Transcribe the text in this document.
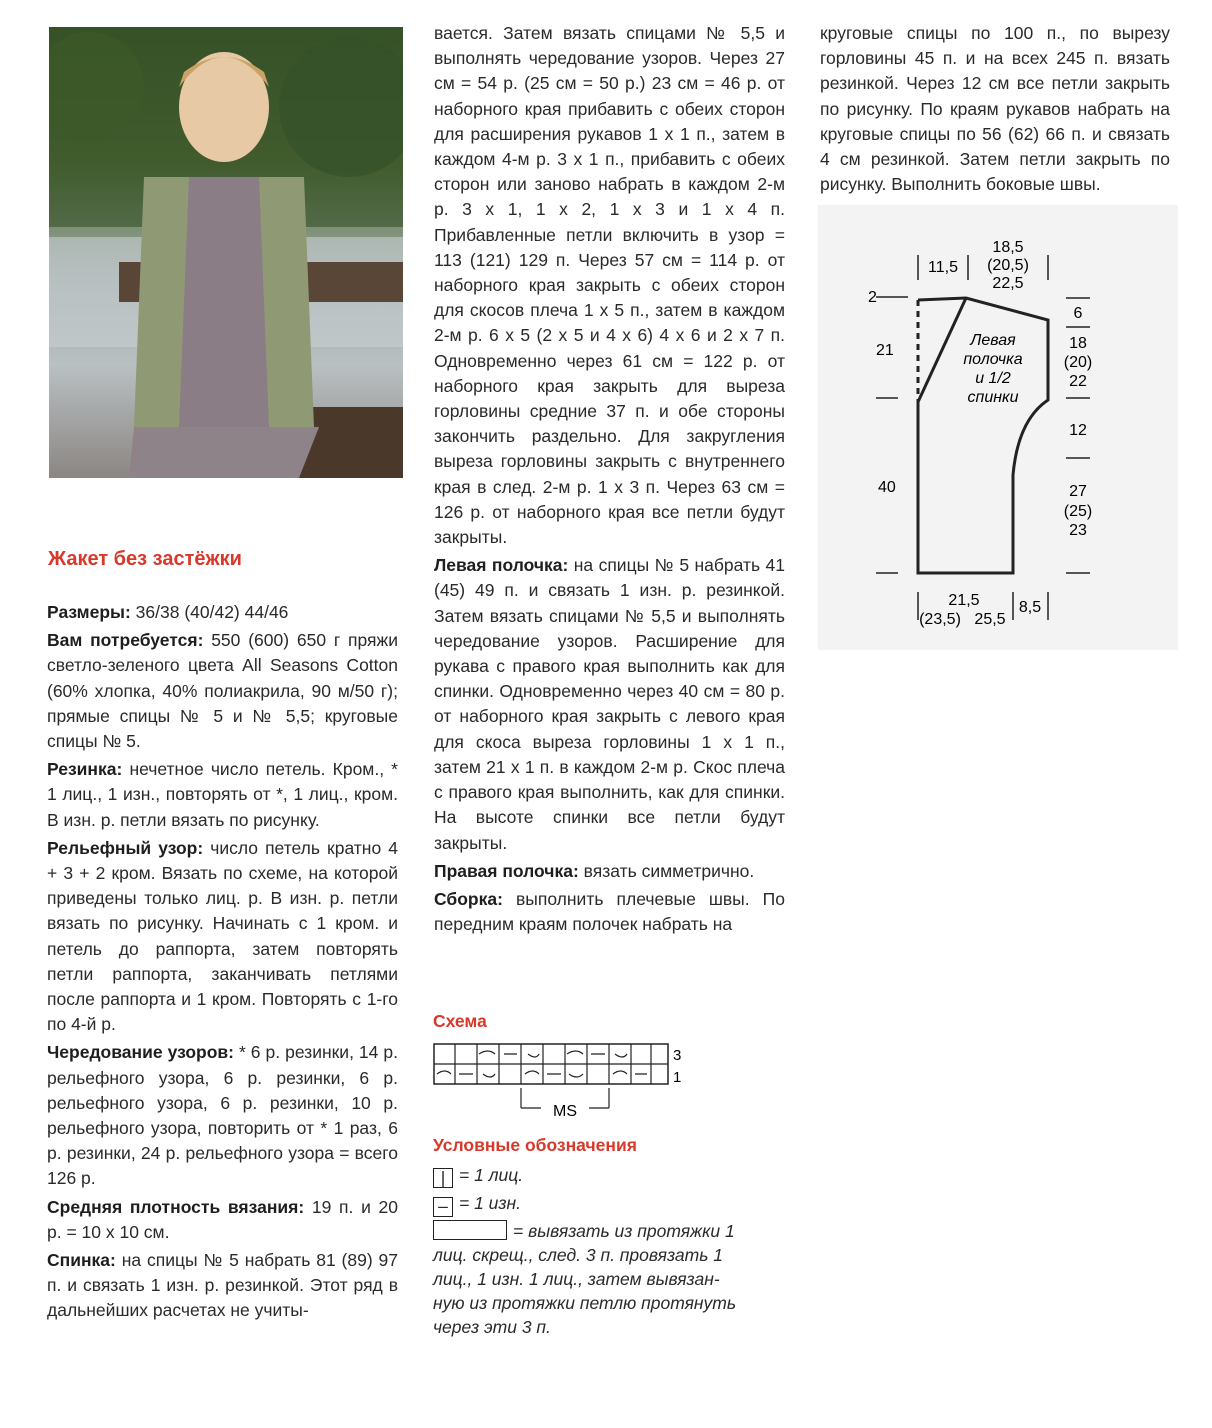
Жакет без застёжки

Размеры: 36/38 (40/42) 44/46

Вам потребуется: 550 (600) 650 г пряжи светло-зеленого цвета All Seasons Cotton (60% хлопка, 40% полиакрила, 90 м/50 г); прямые спицы № 5 и № 5,5; круговые спицы № 5.

Резинка: нечетное число петель. Кром., * 1 лиц., 1 изн., повторять от *, 1 лиц., кром. В изн. р. петли вязать по рисунку.

Рельефный узор: число петель кратно 4 + 3 + 2 кром. Вязать по схеме, на которой приведены только лиц. р. В изн. р. петли вязать по рисунку. Начинать с 1 кром. и петель до раппорта, затем повторять петли раппорта, заканчивать петлями после раппорта и 1 кром. Повторять с 1-го по 4-й р.

Чередование узоров: * 6 р. резинки, 14 р. рельефного узора, 6 р. резинки, 6 р. рельефного узора, 6 р. резинки, 10 р. рельефного узора, повторить от * 1 раз, 6 р. резинки, 24 р. рельефного узора = всего 126 р.

Средняя плотность вязания: 19 п. и 20 р. = 10 х 10 см.

Спинка: на спицы № 5 набрать 81 (89) 97 п. и связать 1 изн. р. резинкой. Этот ряд в дальнейших расчетах не учиты-

вается. Затем вязать спицами № 5,5 и выполнять чередование узоров. Через 27 см = 54 р. (25 см = 50 р.) 23 см = 46 р. от наборного края прибавить с обеих сторон для расширения рукавов 1 х 1 п., затем в каждом 4-м р. 3 х 1 п., прибавить с обеих сторон или заново набрать в каждом 2-м р. 3 х 1, 1 х 2, 1 х 3 и 1 х 4 п. Прибавленные петли включить в узор = 113 (121) 129 п. Через 57 см = 114 р. от наборного края закрыть с обеих сторон для скосов плеча 1 х 5 п., затем в каждом 2-м р. 6 х 5 (2 х 5 и 4 х 6) 4 х 6 и 2 х 7 п. Одновременно через 61 см = 122 р. от наборного края закрыть для выреза горловины средние 37 п. и обе стороны закончить раздельно. Для закругления выреза горловины закрыть с внутреннего края в след. 2-м р. 1 х 3 п. Через 63 см = 126 р. от наборного края все петли будут закрыты.

Левая полочка: на спицы № 5 набрать 41 (45) 49 п. и связать 1 изн. р. резинкой. Затем вязать спицами № 5,5 и выполнять чередование узоров. Расширение для рукава с правого края выполнить как для спинки. Одновременно через 40 см = 80 р. от наборного края закрыть с левого края для скоса выреза горловины 1 х 1 п., затем 21 х 1 п. в каждом 2-м р. Скос плеча с правого края выполнить, как для спинки. На высоте спинки все петли будут закрыты.

Правая полочка: вязать симметрично.

Сборка: выполнить плечевые швы. По передним краям полочек набрать на

круговые спицы по 100 п., по вырезу горловины 45 п. и на всех 245 п. вязать резинкой. Через 12 см все петли закрыть по рисунку. По краям рукавов набрать на круговые спицы по 56 (62) 66 п. и связать 4 см резинкой. Затем петли закрыть по рисунку. Выполнить боковые швы.

11,5
18,5
(20,5)
22,5
2
21
40
6
18
(20)
22
12
27
(25)
23
Левая
полочка
и 1/2
спинки
21,5
(23,5) 25,5
8,5
Схема
3
1
MS
Условные обозначения
| = 1 лиц.
– = 1 изн.
= вывязать из протяжки 1
лиц. скрещ., след. 3 п. провязать 1
лиц., 1 изн. 1 лиц., затем вывязан-
ную из протяжки петлю протянуть
через эти 3 п.
